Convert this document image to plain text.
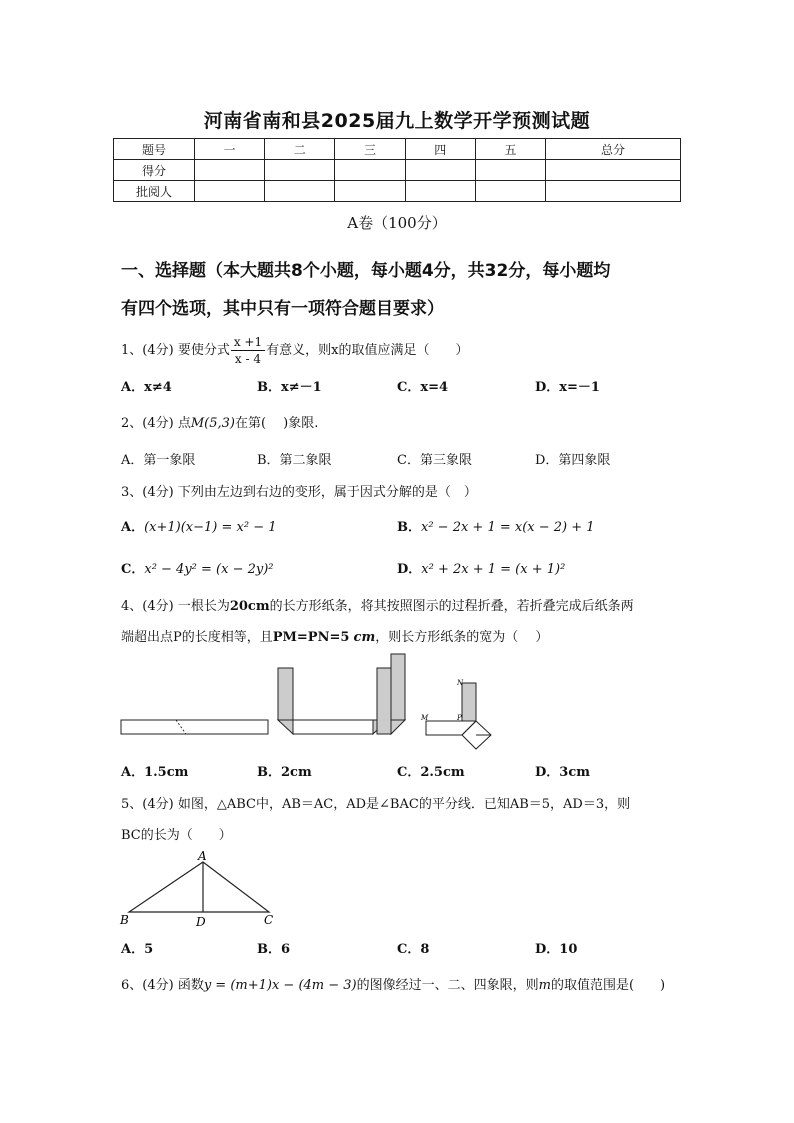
河南省南和县2025届九上数学开学预测试题
题号	一	二	三	四	五	总分
得分						
批阅人						
A卷（100分）
一、选择题（本大题共8个小题，每小题4分，共32分，每小题均
有四个选项，其中只有一项符合题目要求）
1、(4分) 要使分式 $\frac{x +1}{x - 4}$ 有意义，则x的取值应满足（　　）
A．x≠4	B．x≠－1	C．x=4	D．x=－1
2、(4分) 点M(5,3)在第(　 )象限.
A．第一象限	B．第二象限	C．第三象限	D．第四象限
3、(4分) 下列由左边到右边的变形，属于因式分解的是（　）
A．(x+1)(x−1) = x² − 1	B．x² − 2x + 1 = x(x − 2) + 1
C．x² − 4y² = (x − 2y)²	D．x² + 2x + 1 = (x + 1)²
4、(4分) 一根长为20cm的长方形纸条，将其按照图示的过程折叠，若折叠完成后纸条两
端超出点P的长度相等，且PM=PN=5 cm，则长方形纸条的宽为（　 ）
N
M	P
A．1.5cm	B．2cm	C．2.5cm	D．3cm
5、(4分) 如图，△ABC中，AB＝AC，AD是∠BAC的平分线．已知AB＝5，AD＝3，则
BC的长为（　　）
A
B	C
D
A．5	B．6	C．8	D．10
6、(4分) 函数y = (m+1)x − (4m − 3)的图像经过一、二、四象限，则m的取值范围是(　　)
